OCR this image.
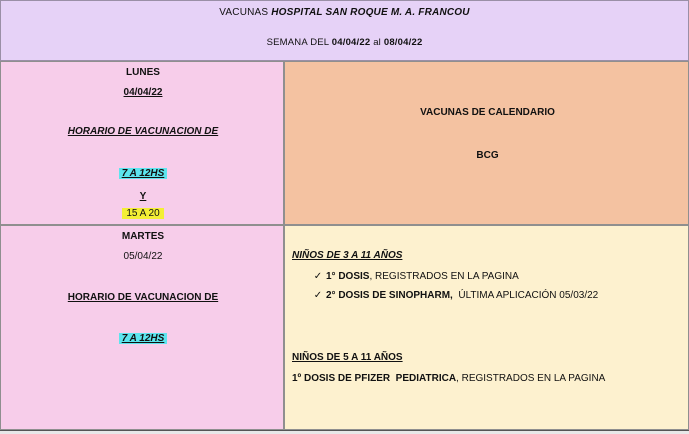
VACUNAS HOSPITAL SAN ROQUE M. A. FRANCOU
SEMANA DEL 04/04/22 al 08/04/22
LUNES
04/04/22
HORARIO DE VACUNACION DE
7 A 12HS
Y
15 A 20
VACUNAS DE CALENDARIO
BCG
MARTES
05/04/22
HORARIO DE VACUNACION DE
7 A 12HS
NIÑOS DE 3 A 11 AÑOS
✓ 1° DOSIS, REGISTRADOS EN LA PAGINA
✓ 2° DOSIS DE SINOPHARM,  ÚLTIMA APLICACIÓN 05/03/22
NIÑOS DE 5 A 11 AÑOS
1º DOSIS DE PFIZER  PEDIATRICA, REGISTRADOS EN LA PAGINA
